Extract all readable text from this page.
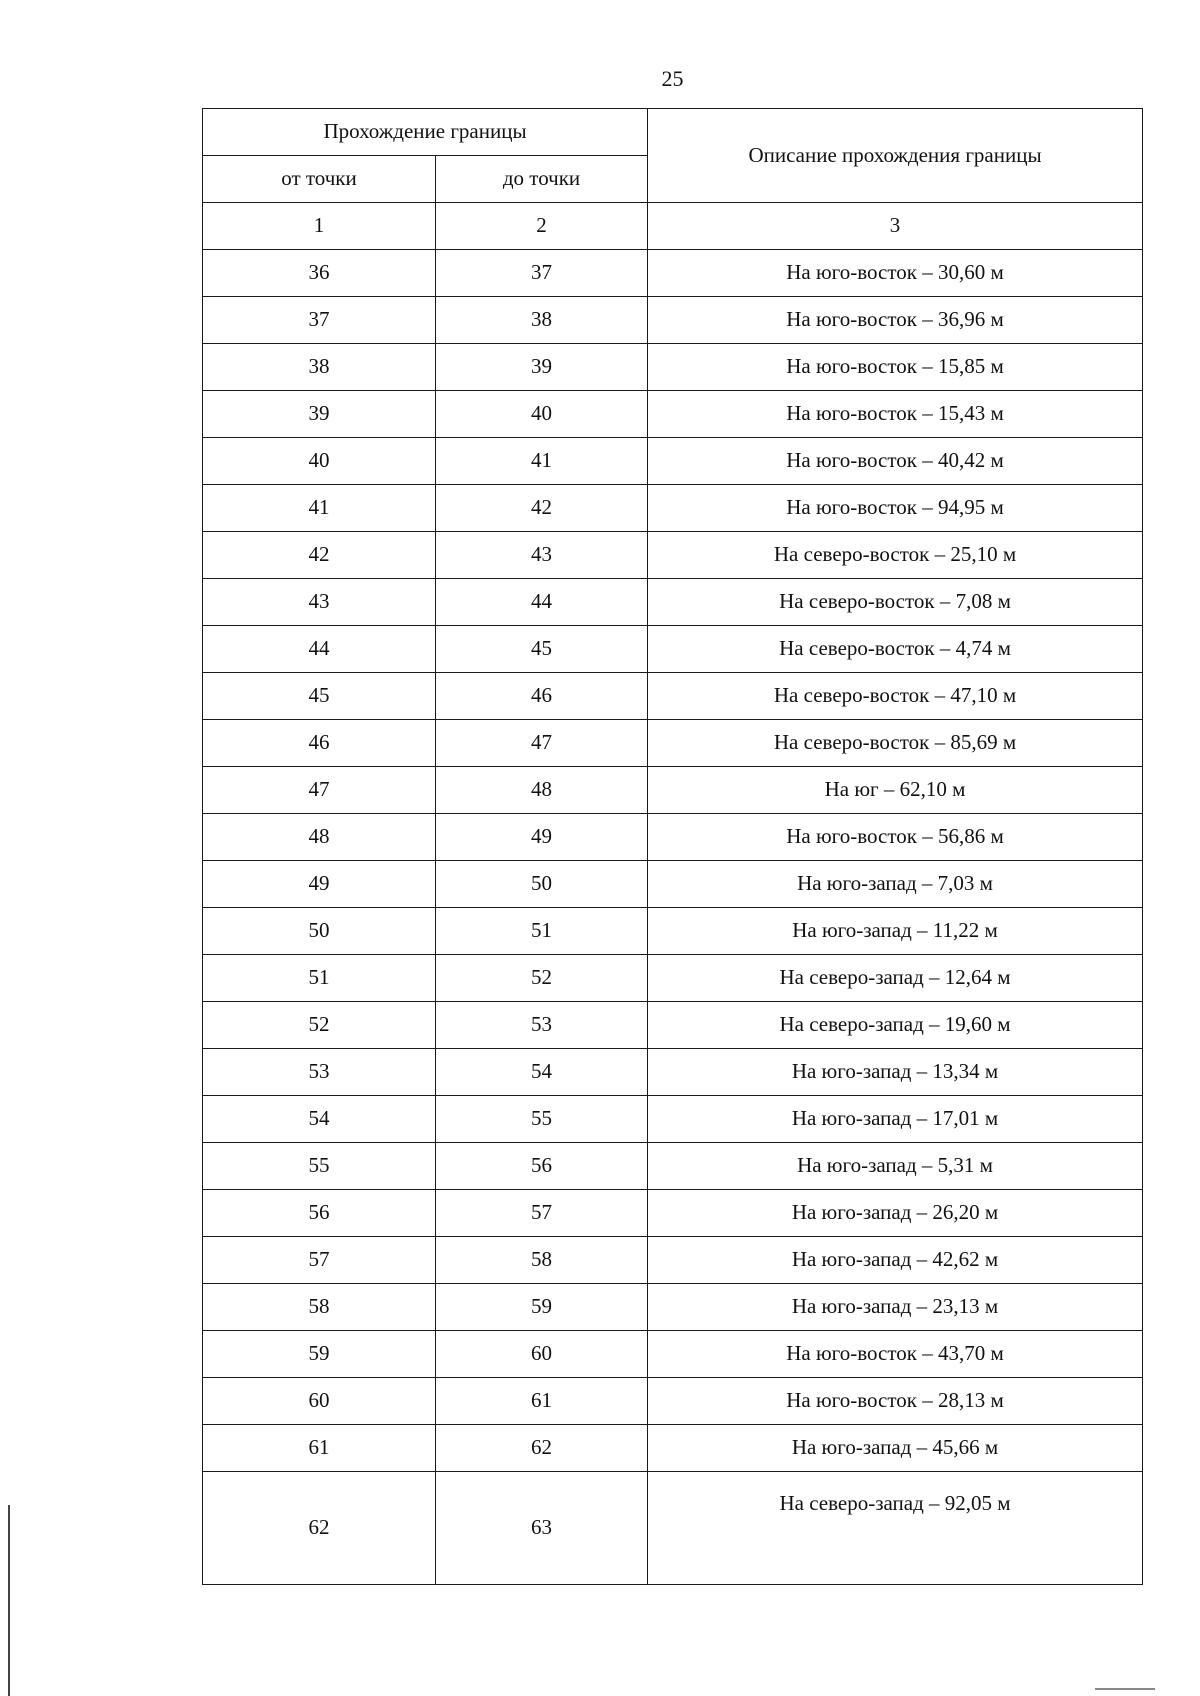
25
Прохождение границы		Описание прохождения границы
от точки	до точки	
1	2	3
36	37	На юго-восток – 30,60 м
37	38	На юго-восток – 36,96 м
38	39	На юго-восток – 15,85 м
39	40	На юго-восток – 15,43 м
40	41	На юго-восток – 40,42 м
41	42	На юго-восток – 94,95 м
42	43	На северо-восток – 25,10 м
43	44	На северо-восток – 7,08 м
44	45	На северо-восток – 4,74 м
45	46	На северо-восток – 47,10 м
46	47	На северо-восток – 85,69 м
47	48	На юг – 62,10 м
48	49	На юго-восток – 56,86 м
49	50	На юго-запад – 7,03 м
50	51	На юго-запад – 11,22 м
51	52	На северо-запад – 12,64 м
52	53	На северо-запад – 19,60 м
53	54	На юго-запад – 13,34 м
54	55	На юго-запад – 17,01 м
55	56	На юго-запад – 5,31 м
56	57	На юго-запад – 26,20 м
57	58	На юго-запад – 42,62 м
58	59	На юго-запад – 23,13 м
59	60	На юго-восток – 43,70 м
60	61	На юго-восток – 28,13 м
61	62	На юго-запад – 45,66 м
62	63	На северо-запад – 92,05 м
